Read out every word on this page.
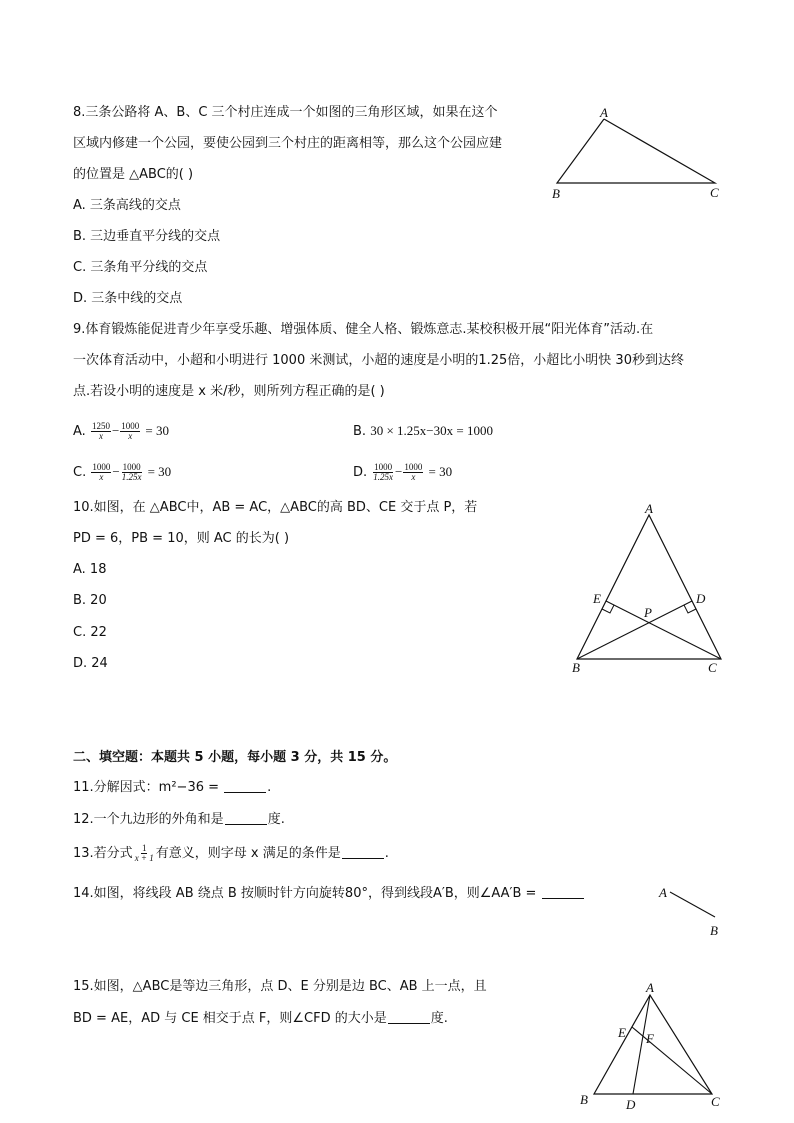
8.三条公路将 A、B、C 三个村庄连成一个如图的三角形区域，如果在这个
区域内修建一个公园，要使公园到三个村庄的距离相等，那么这个公园应建
的位置是 △ABC的( )
A. 三条高线的交点
B. 三边垂直平分线的交点
C. 三条角平分线的交点
D. 三条中线的交点
A
B	C
9.体育锻炼能促进青少年享受乐趣、增强体质、健全人格、锻炼意志.某校积极开展“阳光体育”活动.在
一次体育活动中，小超和小明进行 1000 米测试，小超的速度是小明的1.25倍，小超比小明快 30秒到达终
点.若设小明的速度是 x 米/秒，则所列方程正确的是( )
A. $\frac{1250}{x} - \frac{1000}{x} = 30$	B. 30 × 1.25x−30x = 1000
C. $\frac{1000}{x} - \frac{1000}{1.25x} = 30$	D. $\frac{1000}{1.25x} - \frac{1000}{x} = 30$
10.如图，在 △ABC中，AB = AC，△ABC的高 BD、CE 交于点 P，若
PD = 6，PB = 10，则 AC 的长为( )
A. 18
B. 20
C. 22
D. 24
A
B	C
D
E
P
二、填空题：本题共 5 小题，每小题 3 分，共 15 分。
11.分解因式：m²−36 =	.
12.一个九边形的外角和是	度.
13.若分式 $\frac{1}{x + 1}$ 有意义，则字母 x 满足的条件是	.
14.如图，将线段 AB 绕点 B 按顺时针方向旋转80°，得到线段A′B，则∠AA′B =	A
B
15.如图，△ABC是等边三角形，点 D、E 分别是边 BC、AB 上一点，且
BD = AE，AD 与 CE 相交于点 F，则∠CFD 的大小是	度.
A
B	C
D
E F
